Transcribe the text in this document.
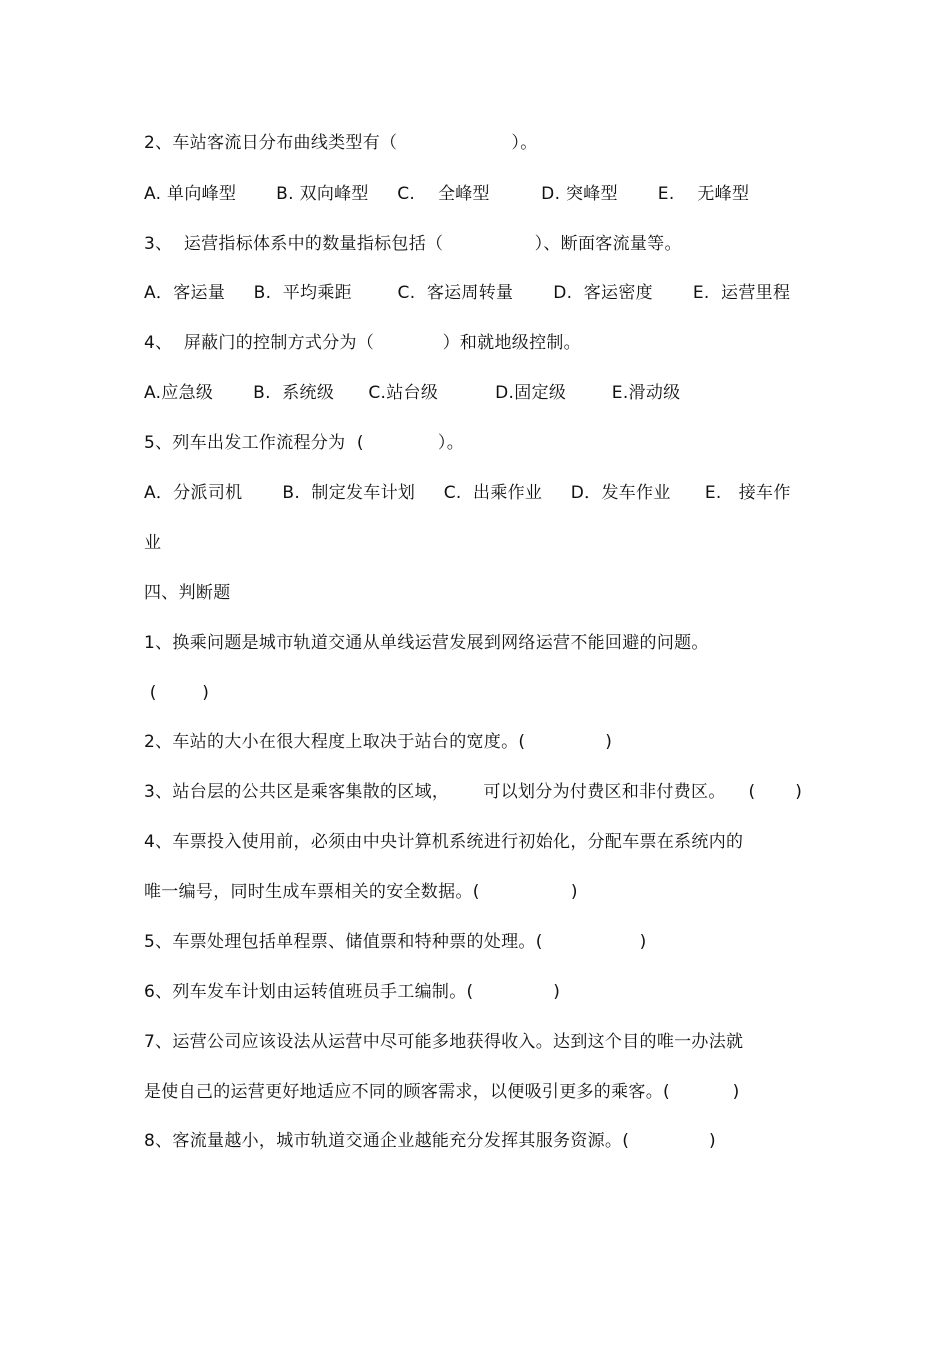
2、车站客流日分布曲线类型有（                    ）。
A. 单向峰型       B. 双向峰型     C.    全峰型         D. 突峰型       E.    无峰型
3、  运营指标体系中的数量指标包括（                ）、断面客流量等。
A．客运量     B.  平均乘距        C.  客运周转量       D.  客运密度       E.  运营里程
4、  屏蔽门的控制方式分为（            ）和就地级控制。
A.应急级       B.  系统级      C.站台级          D.固定级        E.滑动级
5、列车出发工作流程分为  (             ）。
A．分派司机       B.  制定发车计划     C.  出乘作业     D．发车作业      E.   接车作
业
四、判断题
1、换乘问题是城市轨道交通从单线运营发展到网络运营不能回避的问题。
(        )
2、车站的大小在很大程度上取决于站台的宽度。(              )
3、站台层的公共区是乘客集散的区域，      可以划分为付费区和非付费区。    (       )
4、车票投入使用前，必须由中央计算机系统进行初始化，分配车票在系统内的
唯一编号，同时生成车票相关的安全数据。(                )
5、车票处理包括单程票、储值票和特种票的处理。(                 )
6、列车发车计划由运转值班员手工编制。(              )
7、运营公司应该设法从运营中尽可能多地获得收入。达到这个目的唯一办法就
是使自己的运营更好地适应不同的顾客需求，以便吸引更多的乘客。(           )
8、客流量越小，城市轨道交通企业越能充分发挥其服务资源。(              )
